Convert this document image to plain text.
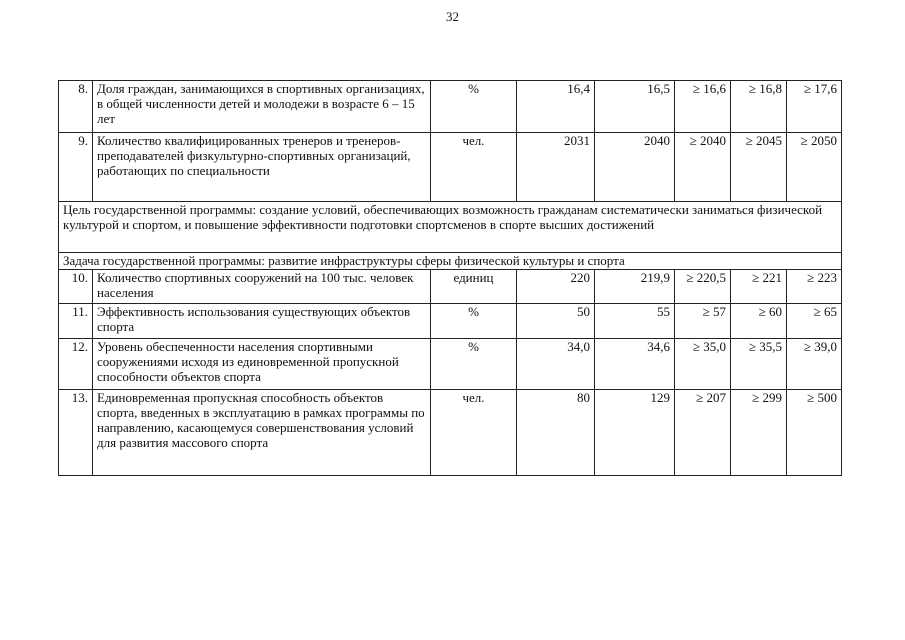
32
8.	Доля граждан, занимающихся в спортивных организациях, в общей численности детей и молодежи в возрасте 6 – 15 лет	%	16,4	16,5	≥ 16,6	≥ 16,8	≥ 17,6
9.	Количество квалифицированных тренеров и тренеров-преподавателей физкультурно-спортивных организаций, работающих по специальности	чел.	2031	2040	≥ 2040	≥ 2045	≥ 2050
Цель государственной программы: создание условий, обеспечивающих возможность гражданам систематически заниматься физической культурой и спортом, и повышение эффективности подготовки спортсменов в спорте высших достижений							
Задача государственной программы: развитие инфраструктуры сферы физической культуры и спорта							
10.	Количество спортивных сооружений на 100 тыс. человек населения	единиц	220	219,9	≥ 220,5	≥ 221	≥ 223
11.	Эффективность использования существующих объектов спорта	%	50	55	≥ 57	≥ 60	≥ 65
12.	Уровень обеспеченности населения спортивными сооружениями исходя из единовременной пропускной способности объектов спорта	%	34,0	34,6	≥ 35,0	≥ 35,5	≥ 39,0
13.	Единовременная пропускная способность объектов спорта, введенных в эксплуатацию в рамках программы по направлению, касающемуся совершенствования условий для развития массового спорта	чел.	80	129	≥ 207	≥ 299	≥ 500
